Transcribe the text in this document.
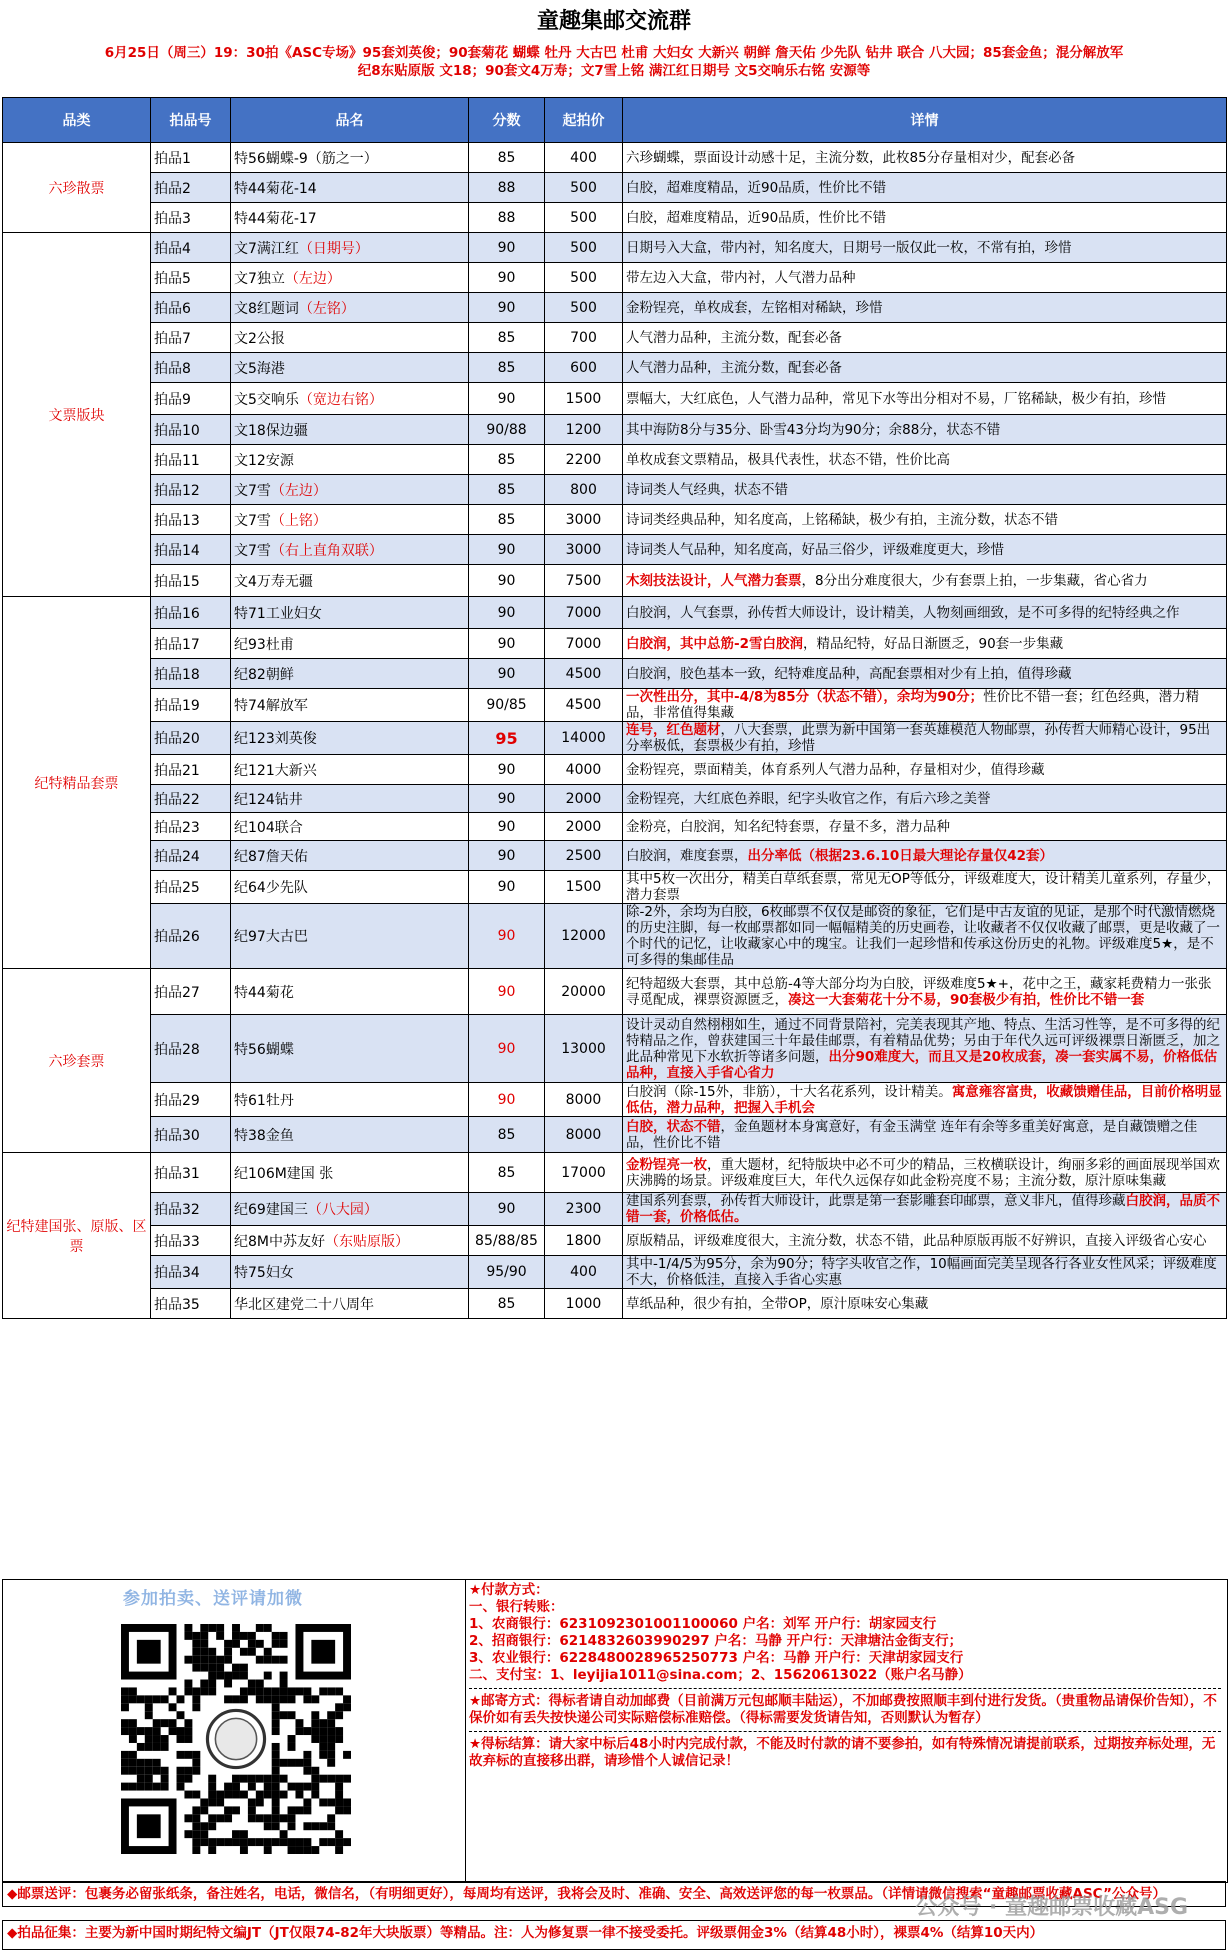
童趣集邮交流群
6月25日（周三）19：30拍《ASC专场》95套刘英俊；90套菊花 蝴蝶 牡丹 大古巴 杜甫 大妇女 大新兴 朝鲜 詹天佑 少先队 钻井 联合 八大园；85套金鱼；混分解放军
纪8东贴原版 文18；90套文4万寿；文7雪上铭 满江红日期号 文5交响乐右铭 安源等
品类	拍品号	品名	分数	起拍价	详情
六珍散票	拍品1	特56蝴蝶-9（筋之一）	85	400	六珍蝴蝶，票面设计动感十足，主流分数，此枚85分存量相对少，配套必备
	拍品2	特44菊花-14	88	500	白胶，超难度精品，近90品质，性价比不错
	拍品3	特44菊花-17	88	500	白胶，超难度精品，近90品质，性价比不错
文票版块	拍品4	文7满江红（日期号）	90	500	日期号入大盒，带内衬，知名度大，日期号一版仅此一枚，不常有拍，珍惜
	拍品5	文7独立（左边）	90	500	带左边入大盒，带内衬，人气潜力品种
	拍品6	文8红题词（左铭）	90	500	金粉锃亮，单枚成套，左铭相对稀缺，珍惜
	拍品7	文2公报	85	700	人气潜力品种，主流分数，配套必备
	拍品8	文5海港	85	600	人气潜力品种，主流分数，配套必备
	拍品9	文5交响乐（宽边右铭）	90	1500	票幅大，大红底色，人气潜力品种，常见下水等出分相对不易，厂铭稀缺，极少有拍，珍惜
	拍品10	文18保边疆	90/88	1200	其中海防8分与35分、卧雪43分均为90分；余88分，状态不错
	拍品11	文12安源	85	2200	单枚成套文票精品，极具代表性，状态不错，性价比高
	拍品12	文7雪（左边）	85	800	诗词类人气经典，状态不错
	拍品13	文7雪（上铭）	85	3000	诗词类经典品种，知名度高，上铭稀缺，极少有拍，主流分数，状态不错
	拍品14	文7雪（右上直角双联）	90	3000	诗词类人气品种，知名度高，好品三俗少，评级难度更大，珍惜
	拍品15	文4万寿无疆	90	7500	木刻技法设计，人气潜力套票，8分出分难度很大，少有套票上拍，一步集藏，省心省力
纪特精品套票	拍品16	特71工业妇女	90	7000	白胶润，人气套票，孙传哲大师设计，设计精美，人物刻画细致，是不可多得的纪特经典之作
	拍品17	纪93杜甫	90	7000	白胶润，其中总筋-2雪白胶润，精品纪特，好品日渐匮乏，90套一步集藏
	拍品18	纪82朝鲜	90	4500	白胶润，胶色基本一致，纪特难度品种，高配套票相对少有上拍，值得珍藏
	拍品19	特74解放军	90/85	4500	一次性出分，其中-4/8为85分（状态不错），余均为90分；性价比不错一套；红色经典，潜力精品，非常值得集藏
	拍品20	纪123刘英俊	95	14000	连号，红色题材，八大套票，此票为新中国第一套英雄模范人物邮票，孙传哲大师精心设计，95出分率极低，套票极少有拍，珍惜
	拍品21	纪121大新兴	90	4000	金粉锃亮，票面精美，体育系列人气潜力品种，存量相对少，值得珍藏
	拍品22	纪124钻井	90	2000	金粉锃亮，大红底色养眼，纪字头收官之作，有后六珍之美誉
	拍品23	纪104联合	90	2000	金粉亮，白胶润，知名纪特套票，存量不多，潜力品种
	拍品24	纪87詹天佑	90	2500	白胶润，难度套票，出分率低（根据23.6.10日最大理论存量仅42套）
	拍品25	纪64少先队	90	1500	其中5枚一次出分，精美白草纸套票，常见无OP等低分，评级难度大，设计精美儿童系列，存量少，潜力套票
	拍品26	纪97大古巴	90	12000	除-2外，余均为白胶，6枚邮票不仅仅是邮资的象征，它们是中古友谊的见证，是那个时代激情燃烧的历史注脚，每一枚邮票都如同一幅幅精美的历史画卷，让收藏者不仅仅收藏了邮票，更是收藏了一个时代的记忆，让收藏家心中的瑰宝。让我们一起珍惜和传承这份历史的礼物。评级难度5★，是不可多得的集邮佳品
六珍套票	拍品27	特44菊花	90	20000	纪特超级大套票，其中总筋-4等大部分均为白胶，评级难度5★+，花中之王，藏家耗费精力一张张寻觅配成，裸票资源匮乏，凑这一大套菊花十分不易，90套极少有拍，性价比不错一套
	拍品28	特56蝴蝶	90	13000	设计灵动自然栩栩如生，通过不同背景陪衬，完美表现其产地、特点、生活习性等，是不可多得的纪特精品之作，曾获建国三十年最佳邮票，有着精品优势；另由于年代久远可评级裸票日渐匮乏，加之此品种常见下水软折等诸多问题，出分90难度大，而且又是20枚成套，凑一套实属不易，价格低估品种，直接入手省心省力
	拍品29	特61牡丹	90	8000	白胶润（除-15外，非筋），十大名花系列，设计精美。寓意雍容富贵，收藏馈赠佳品，目前价格明显低估，潜力品种，把握入手机会
	拍品30	特38金鱼	85	8000	白胶，状态不错，金鱼题材本身寓意好，有金玉满堂 连年有余等多重美好寓意，是自藏馈赠之佳品，性价比不错
纪特建国张、原版、区票	拍品31	纪106M建国 张	85	17000	金粉锃亮一枚，重大题材，纪特版块中必不可少的精品，三枚横联设计，绚丽多彩的画面展现举国欢庆沸腾的场景。评级难度巨大，年代久远保存如此金粉亮度不易；主流分数，原汁原味集藏
	拍品32	纪69建国三（八大园）	90	2300	建国系列套票，孙传哲大师设计，此票是第一套影雕套印邮票，意义非凡，值得珍藏白胶润，品质不错一套，价格低估。
	拍品33	纪8M中苏友好（东贴原版）	85/88/85	1800	原版精品，评级难度很大，主流分数，状态不错，此品种原版再版不好辨识，直接入评级省心安心
	拍品34	特75妇女	95/90	400	其中-1/4/5为95分，余为90分；特字头收官之作，10幅画面完美呈现各行各业女性风采；评级难度不大，价格低洼，直接入手省心实惠
	拍品35	华北区建党二十八周年	85	1000	草纸品种，很少有拍，全带OP，原汁原味安心集藏
参加拍卖、送评请加微	★付款方式：
一、银行转账：
1、农商银行：6231092301001100060 户名：刘军 开户行：胡家园支行
2、招商银行：6214832603990297 户名：马静 开户行：天津塘沽金街支行；
3、农业银行：6228480028965250773 户名：马静 开户行：天津胡家园支行
二、支付宝：1、leyijia1011@sina.com；2、15620613022（账户名马静）
★邮寄方式：得标者请自动加邮费（目前满万元包邮顺丰陆运），不加邮费按照顺丰到付进行发货。（贵重物品请保价告知），不保价如有丢失按快递公司实际赔偿标准赔偿。（得标需要发货请告知，否则默认为暂存）
★得标结算：请大家中标后48小时内完成付款，不能及时付款的请不要参拍，如有特殊情况请提前联系，过期按弃标处理，无故弃标的直接移出群，请珍惜个人诚信记录！
◆邮票送评：包裹务必留张纸条，备注姓名，电话，微信名，（有明细更好），每周均有送评，我将会及时、准确、安全、高效送评您的每一枚票品。（详情请微信搜索“童趣邮票收藏ASC”公众号）
◆拍品征集：主要为新中国时期纪特文编JT（JT仅限74-82年大块版票）等精品。注：人为修复票一律不接受委托。评级票佣金3%（结算48小时），裸票4%（结算10天内）
公众号 · 童趣邮票收藏ASG
